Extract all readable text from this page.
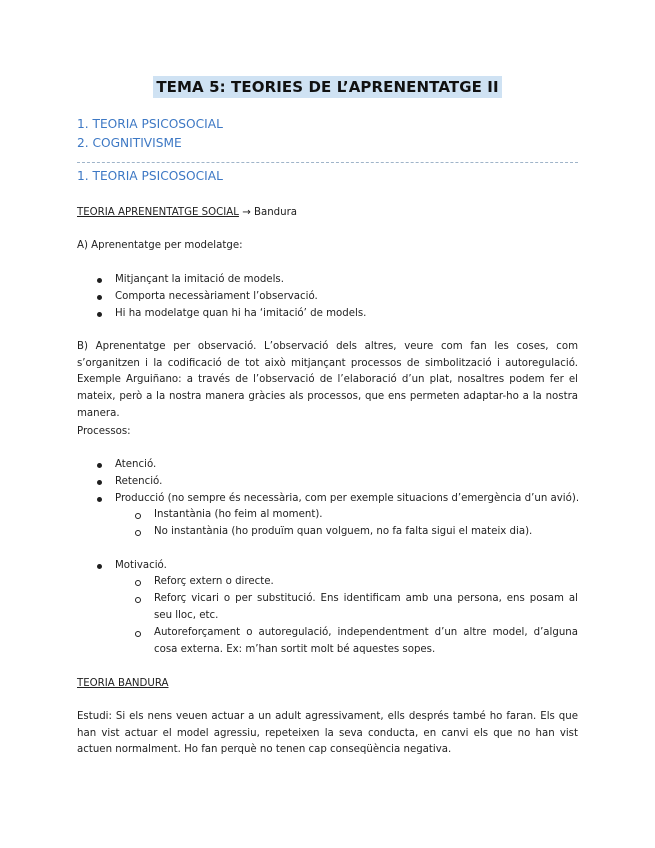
TEMA 5: TEORIES DE L’APRENENTATGE II
1. TEORIA PSICOSOCIAL
2. COGNITIVISME
1. TEORIA PSICOSOCIAL
TEORIA APRENENTATGE SOCIAL → Bandura
A) Aprenentatge per modelatge:
Mitjançant la imitació de models.
Comporta necessàriament l’observació.
Hi ha modelatge quan hi ha ‘imitació’ de models.
B) Aprenentatge per observació. L’observació dels altres, veure com fan les coses, com s’organitzen i la codificació de tot això mitjançant processos de simbolització i autoregulació. Exemple Arguiñano: a través de l’observació de l’elaboració d’un plat, nosaltres podem fer el mateix, però a la nostra manera gràcies als processos, que ens permeten adaptar-ho a la nostra manera.
Processos:
Atenció.
Retenció.
Producció (no sempre és necessària, com per exemple situacions d’emergència d’un avió).
Instantània (ho feim al moment).
No instantània (ho produïm quan volguem, no fa falta sigui el mateix dia).
Motivació.
Reforç extern o directe.
Reforç vicari o per substitució. Ens identificam amb una persona, ens posam al seu lloc, etc.
Autoreforçament o autoregulació, independentment d’un altre model, d’alguna cosa externa. Ex: m’han sortit molt bé aquestes sopes.
TEORIA BANDURA
Estudi: Si els nens veuen actuar a un adult agressivament, ells després també ho faran. Els que han vist actuar el model agressiu, repeteixen la seva conducta, en canvi els que no han vist actuen normalment. Ho fan perquè no tenen cap conseqüència negativa.
